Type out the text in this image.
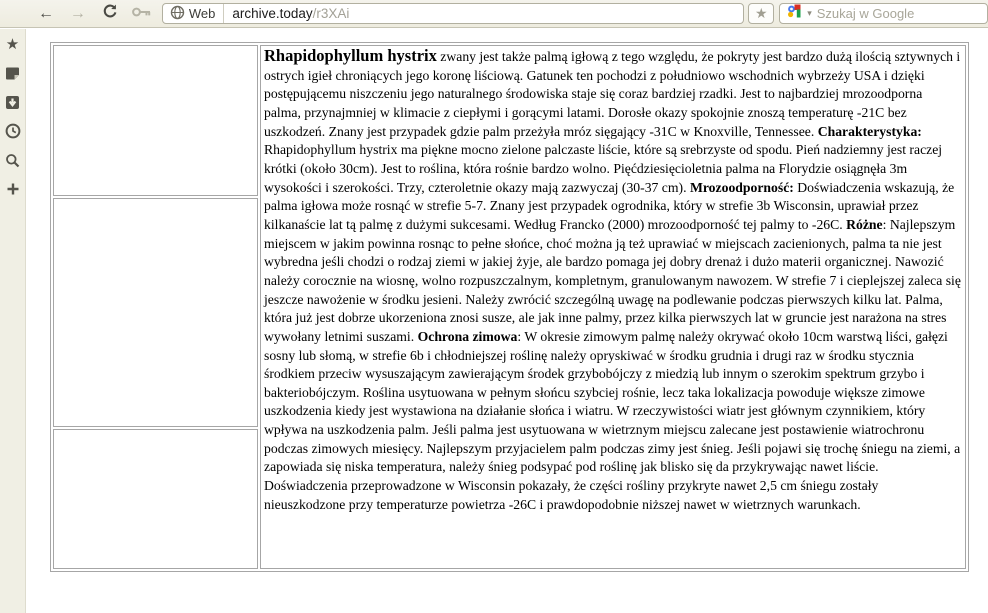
← →	Web	archive.today/r3XAi	★	▾ Szukaj w Google
★

Rhapidophyllum hystrix zwany jest także palmą igłową z tego względu, że pokryty jest bardzo dużą ilością sztywnych i ostrych igieł chroniących jego koronę liściową. Gatunek ten pochodzi z południowo wschodnich wybrzeży USA i dzięki postępującemu niszczeniu jego naturalnego środowiska staje się coraz bardziej rzadki. Jest to najbardziej mrozoodporna palma, przynajmniej w klimacie z ciepłymi i gorącymi latami. Dorosłe okazy spokojnie znoszą temperaturę -21C bez uszkodzeń. Znany jest przypadek gdzie palm przeżyła mróz sięgający -31C w Knoxville, Tennessee. Charakterystyka: Rhapidophyllum hystrix ma piękne mocno zielone palczaste liście, które są srebrzyste od spodu. Pień nadziemny jest raczej krótki (około 30cm). Jest to roślina, która rośnie bardzo wolno. Pięćdziesięcioletnia palma na Florydzie osiągnęła 3m wysokości i szerokości. Trzy, czteroletnie okazy mają zazwyczaj (30-37 cm). Mrozoodporność: Doświadczenia wskazują, że palma igłowa może rosnąć w strefie 5-7. Znany jest przypadek ogrodnika, który w strefie 3b Wisconsin, uprawiał przez kilkanaście lat tą palmę z dużymi sukcesami. Według Francko (2000) mrozoodporność tej palmy to -26C. Różne: Najlepszym miejscem w jakim powinna rosnąc to pełne słońce, choć można ją też uprawiać w miejscach zacienionych, palma ta nie jest wybredna jeśli chodzi o rodzaj ziemi w jakiej żyje, ale bardzo pomaga jej dobry drenaż i dużo materii organicznej. Nawozić należy corocznie na wiosnę, wolno rozpuszczalnym, kompletnym, granulowanym nawozem. W strefie 7 i cieplejszej zaleca się jeszcze nawożenie w środku jesieni. Należy zwrócić szczególną uwagę na podlewanie podczas pierwszych kilku lat. Palma, która już jest dobrze ukorzeniona znosi susze, ale jak inne palmy, przez kilka pierwszych lat w gruncie jest narażona na stres wywołany letnimi suszami. Ochrona zimowa: W okresie zimowym palmę należy okrywać około 10cm warstwą liści, gałęzi sosny lub słomą, w strefie 6b i chłodniejszej roślinę należy opryskiwać w środku grudnia i drugi raz w środku stycznia środkiem przeciw wysuszającym zawierającym środek grzybobójczy z miedzią lub innym o szerokim spektrum grzybo i bakteriobójczym. Roślina usytuowana w pełnym słońcu szybciej rośnie, lecz taka lokalizacja powoduje większe zimowe uszkodzenia kiedy jest wystawiona na działanie słońca i wiatru. W rzeczywistości wiatr jest głównym czynnikiem, który wpływa na uszkodzenia palm. Jeśli palma jest usytuowana w wietrznym miejscu zalecane jest postawienie wiatrochronu podczas zimowych miesięcy. Najlepszym przyjacielem palm podczas zimy jest śnieg. Jeśli pojawi się trochę śniegu na ziemi, a zapowiada się niska temperatura, należy śnieg podsypać pod roślinę jak blisko się da przykrywając nawet liście. Doświadczenia przeprowadzone w Wisconsin pokazały, że części rośliny przykryte nawet 2,5 cm śniegu zostały nieuszkodzone przy temperaturze powietrza -26C i prawdopodobnie niższej nawet w wietrznych warunkach.
